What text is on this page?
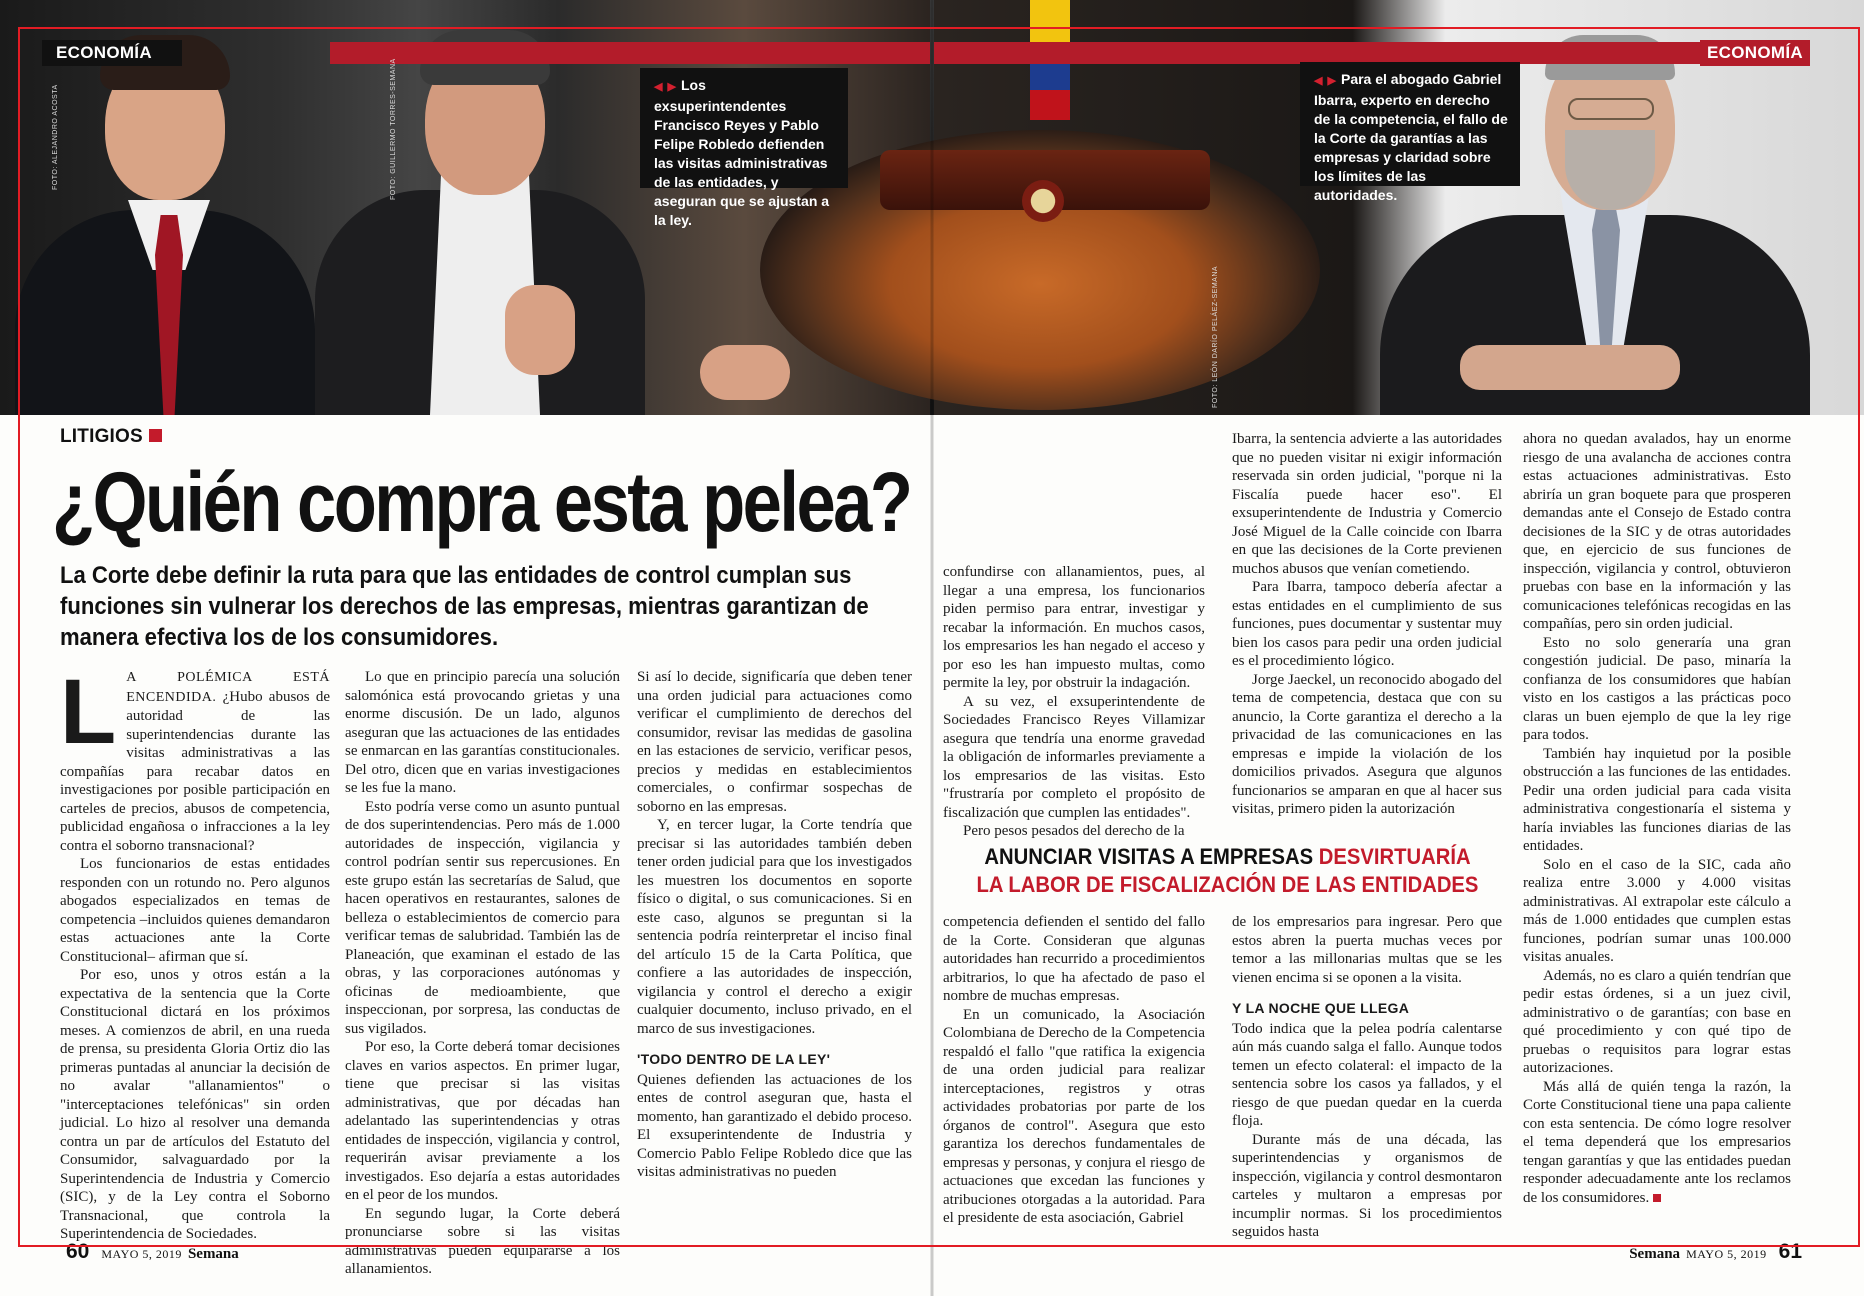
ECONOMÍA	ECONOMÍA
◀ ▶ Los exsuperintendentes Francisco Reyes y Pablo Felipe Robledo defienden las visitas administrativas de las entidades, y aseguran que se ajustan a la ley.
◀ ▶ Para el abogado Gabriel Ibarra, experto en derecho de la competencia, el fallo de la Corte da garantías a las empresas y claridad sobre los límites de las autoridades.
FOTO: ALEJANDRO ACOSTA	FOTO: GUILLERMO TORRES-SEMANA
FOTO: LEÓN DARÍO PELÁEZ-SEMANA
FOTO: ALEJANDRO ACOSTA
LITIGIOS
¿Quién compra esta pelea?
La Corte debe definir la ruta para que las entidades de control cumplan sus funciones sin vulnerar los derechos de las empresas, mientras garantizan de manera efectiva los de los consumidores.
L A POLÉMICA ESTÁ ENCENDIDA. ¿Hubo abusos de autoridad de las superintendencias durante las visitas administrativas a las compañías para recabar datos en investigaciones por posible participación en carteles de precios, abusos de competencia, publicidad engañosa o infracciones a la ley contra el soborno transnacional?

Los funcionarios de estas entidades responden con un rotundo no. Pero algunos abogados especializados en temas de competencia –incluidos quienes demandaron estas actuaciones ante la Corte Constitucional– afirman que sí.

Por eso, unos y otros están a la expectativa de la sentencia que la Corte Constitucional dictará en los próximos meses. A comienzos de abril, en una rueda de prensa, su presidenta Gloria Ortiz dio las primeras puntadas al anunciar la decisión de no avalar "allanamientos" o "interceptaciones telefónicas" sin orden judicial. Lo hizo al resolver una demanda contra un par de artículos del Estatuto del Consumidor, salvaguardado por la Superintendencia de Industria y Comercio (SIC), y de la Ley contra el Soborno Transnacional, que controla la Superintendencia de Sociedades.

Lo que en principio parecía una solución salomónica está provocando grietas y una enorme discusión. De un lado, algunos aseguran que las actuaciones de las entidades se enmarcan en las garantías constitucionales. Del otro, dicen que en varias investigaciones se les fue la mano.

Esto podría verse como un asunto puntual de dos superintendencias. Pero más de 1.000 autoridades de inspección, vigilancia y control podrían sentir sus repercusiones. En este grupo están las secretarías de Salud, que hacen operativos en restaurantes, salones de belleza o establecimientos de comercio para verificar temas de salubridad. También las de Planeación, que examinan el estado de las obras, y las corporaciones autónomas y oficinas de medioambiente, que inspeccionan, por sorpresa, las conductas de sus vigilados.

Por eso, la Corte deberá tomar decisiones claves en varios aspectos. En primer lugar, tiene que precisar si las visitas administrativas, que por décadas han adelantado las superintendencias y otras entidades de inspección, vigilancia y control, requerirán avisar previamente a los investigados. Eso dejaría a estas autoridades en el peor de los mundos.

En segundo lugar, la Corte deberá pronunciarse sobre si las visitas administrativas pueden equipararse a los allanamientos.

Si así lo decide, significaría que deben tener una orden judicial para actuaciones como verificar el cumplimiento de derechos del consumidor, revisar las medidas de gasolina en las estaciones de servicio, verificar pesos, precios y medidas en establecimientos comerciales, o confirmar sospechas de soborno en las empresas.

Y, en tercer lugar, la Corte tendría que precisar si las autoridades también deben tener orden judicial para que los investigados les muestren los documentos en soporte físico o digital, o sus comunicaciones. Si en este caso, algunos se preguntan si la sentencia podría reinterpretar el inciso final del artículo 15 de la Carta Política, que confiere a las autoridades de inspección, vigilancia y control el derecho a exigir cualquier documento, incluso privado, en el marco de sus investigaciones.

'TODO DENTRO DE LA LEY'

Quienes defienden las actuaciones de los entes de control aseguran que, hasta el momento, han garantizado el debido proceso. El exsuperintendente de Industria y Comercio Pablo Felipe Robledo dice que las visitas administrativas no pueden

confundirse con allanamientos, pues, al llegar a una empresa, los funcionarios piden permiso para entrar, investigar y recabar la información. En muchos casos, los empresarios les han negado el acceso y por eso les han impuesto multas, como permite la ley, por obstruir la indagación.

A su vez, el exsuperintendente de Sociedades Francisco Reyes Villamizar asegura que tendría una enorme gravedad la obligación de informarles previamente a los empresarios de las visitas. Esto "frustraría por completo el propósito de fiscalización que cumplen las entidades".

Pero pesos pesados del derecho de la

Ibarra, la sentencia advierte a las autoridades que no pueden visitar ni exigir información reservada sin orden judicial, "porque ni la Fiscalía puede hacer eso". El exsuperintendente de Industria y Comercio José Miguel de la Calle coincide con Ibarra en que las decisiones de la Corte previenen muchos abusos que venían cometiendo.

Para Ibarra, tampoco debería afectar a estas entidades en el cumplimiento de sus funciones, pues documentar y sustentar muy bien los casos para pedir una orden judicial es el procedimiento lógico.

Jorge Jaeckel, un reconocido abogado del tema de competencia, destaca que con su anuncio, la Corte garantiza el derecho a la privacidad de las comunicaciones en las empresas e impide la violación de los domicilios privados. Asegura que algunos funcionarios se amparan en que al hacer sus visitas, primero piden la autorización

ANUNCIAR VISITAS A EMPRESAS DESVIRTUARÍA LA LABOR DE FISCALIZACIÓN DE LAS ENTIDADES

competencia defienden el sentido del fallo de la Corte. Consideran que algunas autoridades han recurrido a procedimientos arbitrarios, lo que ha afectado de paso el nombre de muchas empresas.

En un comunicado, la Asociación Colombiana de Derecho de la Competencia respaldó el fallo "que ratifica la exigencia de una orden judicial para realizar interceptaciones, registros y otras actividades probatorias por parte de los órganos de control". Asegura que esto garantiza los derechos fundamentales de empresas y personas, y conjura el riesgo de actuaciones que excedan las funciones y atribuciones otorgadas a la autoridad. Para el presidente de esta asociación, Gabriel

de los empresarios para ingresar. Pero que estos abren la puerta muchas veces por temor a las millonarias multas que se les vienen encima si se oponen a la visita.

Y LA NOCHE QUE LLEGA

Todo indica que la pelea podría calentarse aún más cuando salga el fallo. Aunque todos temen un efecto colateral: el impacto de la sentencia sobre los casos ya fallados, y el riesgo de que puedan quedar en la cuerda floja.

Durante más de una década, las superintendencias y organismos de inspección, vigilancia y control desmontaron carteles y multaron a empresas por incumplir normas. Si los procedimientos seguidos hasta

ahora no quedan avalados, hay un enorme riesgo de una avalancha de acciones contra estas actuaciones administrativas. Esto abriría un gran boquete para que prosperen demandas ante el Consejo de Estado contra decisiones de la SIC y de otras autoridades que, en ejercicio de sus funciones de inspección, vigilancia y control, obtuvieron pruebas con base en la información y las comunicaciones telefónicas recogidas en las compañías, pero sin orden judicial.

Esto no solo generaría una gran congestión judicial. De paso, minaría la confianza de los consumidores que habían visto en los castigos a las prácticas poco claras un buen ejemplo de que la ley rige para todos.

También hay inquietud por la posible obstrucción a las funciones de las entidades. Pedir una orden judicial para cada visita administrativa congestionaría el sistema y haría inviables las funciones diarias de las entidades.

Solo en el caso de la SIC, cada año realiza entre 3.000 y 4.000 visitas administrativas. Al extrapolar este cálculo a más de 1.000 entidades que cumplen estas funciones, podrían sumar unas 100.000 visitas anuales.

Además, no es claro a quién tendrían que pedir estas órdenes, si a un juez civil, administrativo o de garantías; con base en qué procedimiento y con qué tipo de pruebas o requisitos para lograr estas autorizaciones.

Más allá de quién tenga la razón, la Corte Constitucional tiene una papa caliente con esta sentencia. De cómo logre resolver el tema dependerá que los empresarios tengan garantías y que las entidades puedan responder adecuadamente ante los reclamos de los consumidores.

60 MAYO 5, 2019 Semana	Semana MAYO 5, 2019 61
